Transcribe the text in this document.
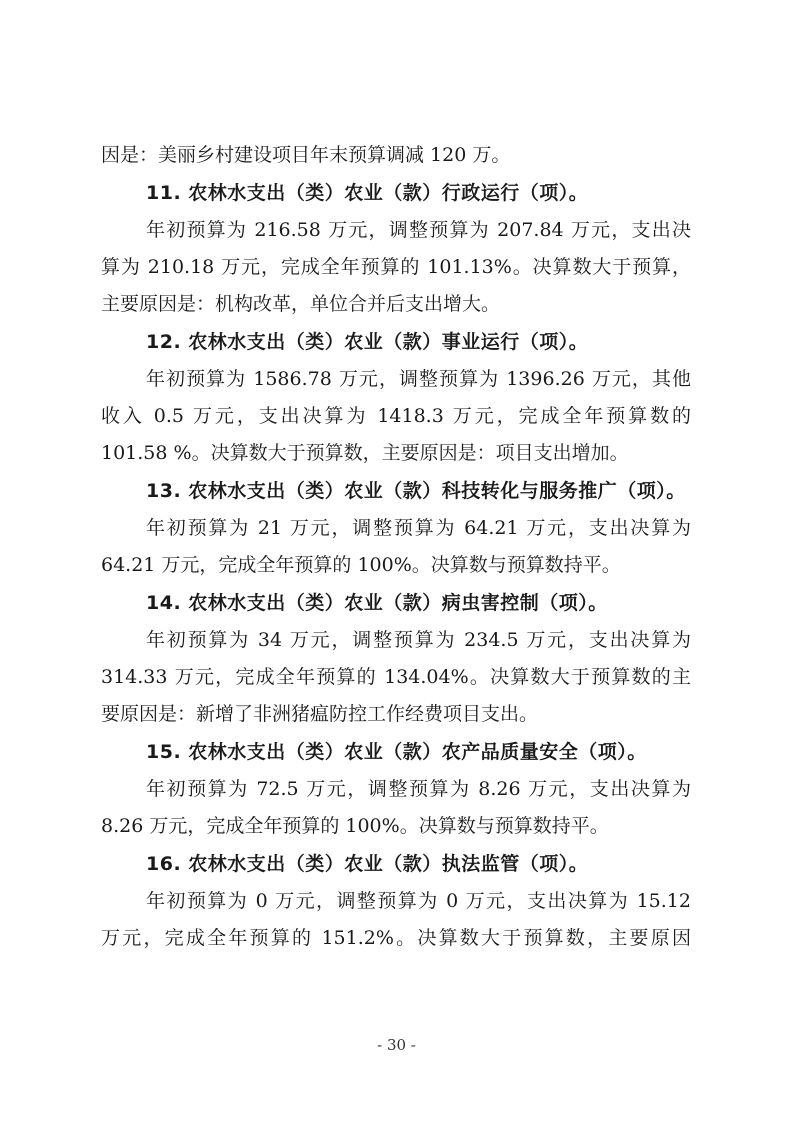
因是：美丽乡村建设项目年末预算调减 120 万。
11. 农林水支出（类）农业（款）行政运行（项）。
年初预算为 216.58 万元，调整预算为 207.84 万元，支出决
算为 210.18 万元，完成全年预算的 101.13%。决算数大于预算，
主要原因是：机构改革，单位合并后支出增大。
12. 农林水支出（类）农业（款）事业运行（项）。
年初预算为 1586.78 万元，调整预算为 1396.26 万元，其他
收入 0.5 万元，支出决算为 1418.3 万元，完成全年预算数的
101.58 %。决算数大于预算数，主要原因是：项目支出增加。
13. 农林水支出（类）农业（款）科技转化与服务推广（项）。
年初预算为 21 万元，调整预算为 64.21 万元，支出决算为
64.21 万元，完成全年预算的 100%。决算数与预算数持平。
14. 农林水支出（类）农业（款）病虫害控制（项）。
年初预算为 34 万元，调整预算为 234.5 万元，支出决算为
314.33 万元，完成全年预算的 134.04%。决算数大于预算数的主
要原因是：新增了非洲猪瘟防控工作经费项目支出。
15. 农林水支出（类）农业（款）农产品质量安全（项）。
年初预算为 72.5 万元，调整预算为 8.26 万元，支出决算为
8.26 万元，完成全年预算的 100%。决算数与预算数持平。
16. 农林水支出（类）农业（款）执法监管（项）。
年初预算为 0 万元，调整预算为 0 万元，支出决算为 15.12
万元，完成全年预算的 151.2%。决算数大于预算数，主要原因
- 30 -
